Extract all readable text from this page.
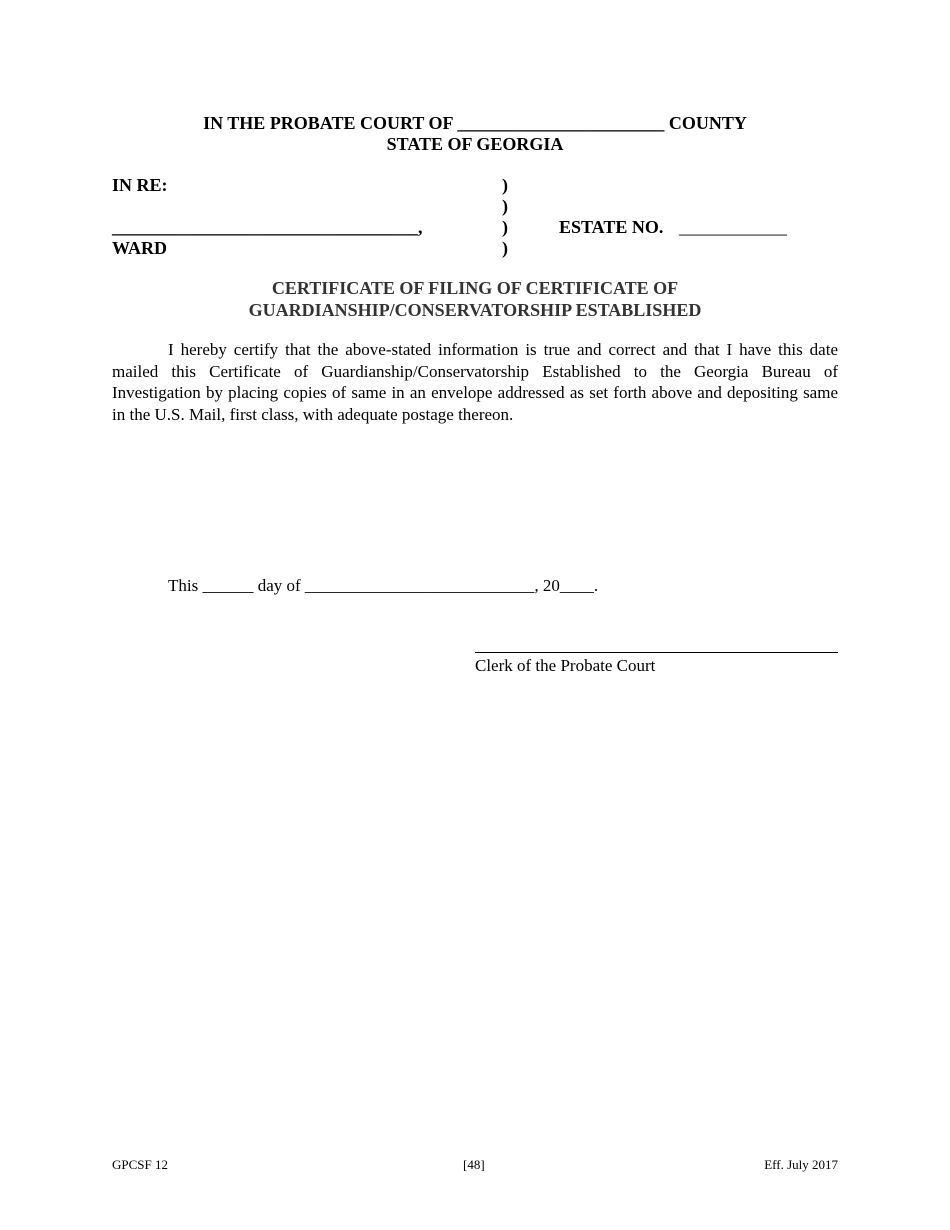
IN THE PROBATE COURT OF _______________________ COUNTY
STATE OF GEORGIA
IN RE:
__________________________________,
WARD
)
)
)
)
ESTATE NO. ____________
CERTIFICATE OF FILING OF CERTIFICATE OF
GUARDIANSHIP/CONSERVATORSHIP ESTABLISHED
I hereby certify that the above-stated information is true and correct and that I have this date mailed this Certificate of Guardianship/Conservatorship Established to the Georgia Bureau of Investigation by placing copies of same in an envelope addressed as set forth above and depositing same in the U.S. Mail, first class, with adequate postage thereon.
This ______ day of ___________________________, 20____.
Clerk of the Probate Court
GPCSF 12	[48]	Eff. July 2017
